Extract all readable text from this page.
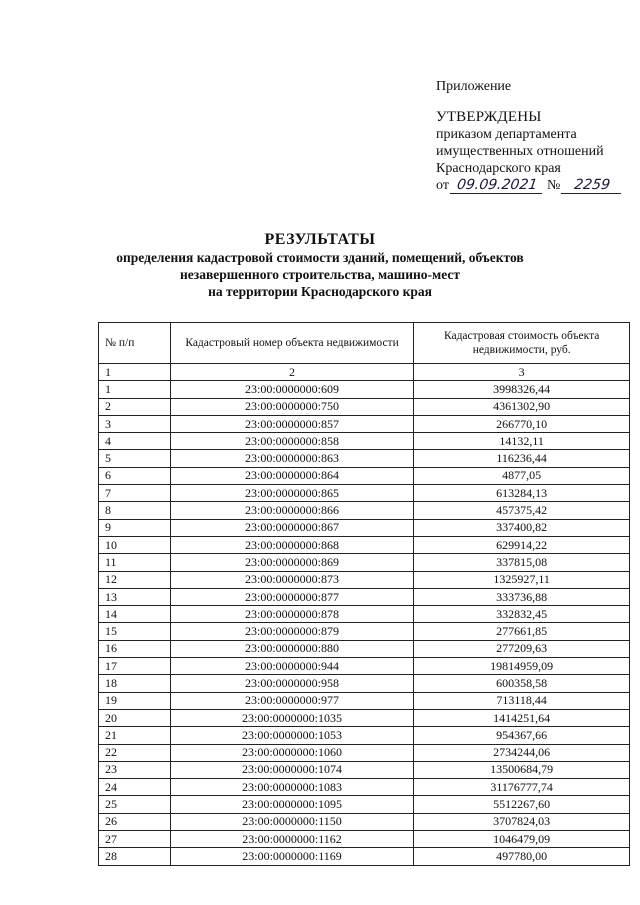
Приложение
УТВЕРЖДЕНЫ
приказом департамента
имущественных отношений
Краснодарского края
от 09.09.2021 № 2259
РЕЗУЛЬТАТЫ
определения кадастровой стоимости зданий, помещений, объектов
незавершенного строительства, машино-мест
на территории Краснодарского края
№ п/п	Кадастровый номер объекта недвижимости	Кадастровая стоимость объекта недвижимости, руб.
1	2	3
1	23:00:0000000:609	3998326,44
2	23:00:0000000:750	4361302,90
3	23:00:0000000:857	266770,10
4	23:00:0000000:858	14132,11
5	23:00:0000000:863	116236,44
6	23:00:0000000:864	4877,05
7	23:00:0000000:865	613284,13
8	23:00:0000000:866	457375,42
9	23:00:0000000:867	337400,82
10	23:00:0000000:868	629914,22
11	23:00:0000000:869	337815,08
12	23:00:0000000:873	1325927,11
13	23:00:0000000:877	333736,88
14	23:00:0000000:878	332832,45
15	23:00:0000000:879	277661,85
16	23:00:0000000:880	277209,63
17	23:00:0000000:944	19814959,09
18	23:00:0000000:958	600358,58
19	23:00:0000000:977	713118,44
20	23:00:0000000:1035	1414251,64
21	23:00:0000000:1053	954367,66
22	23:00:0000000:1060	2734244,06
23	23:00:0000000:1074	13500684,79
24	23:00:0000000:1083	31176777,74
25	23:00:0000000:1095	5512267,60
26	23:00:0000000:1150	3707824,03
27	23:00:0000000:1162	1046479,09
28	23:00:0000000:1169	497780,00
